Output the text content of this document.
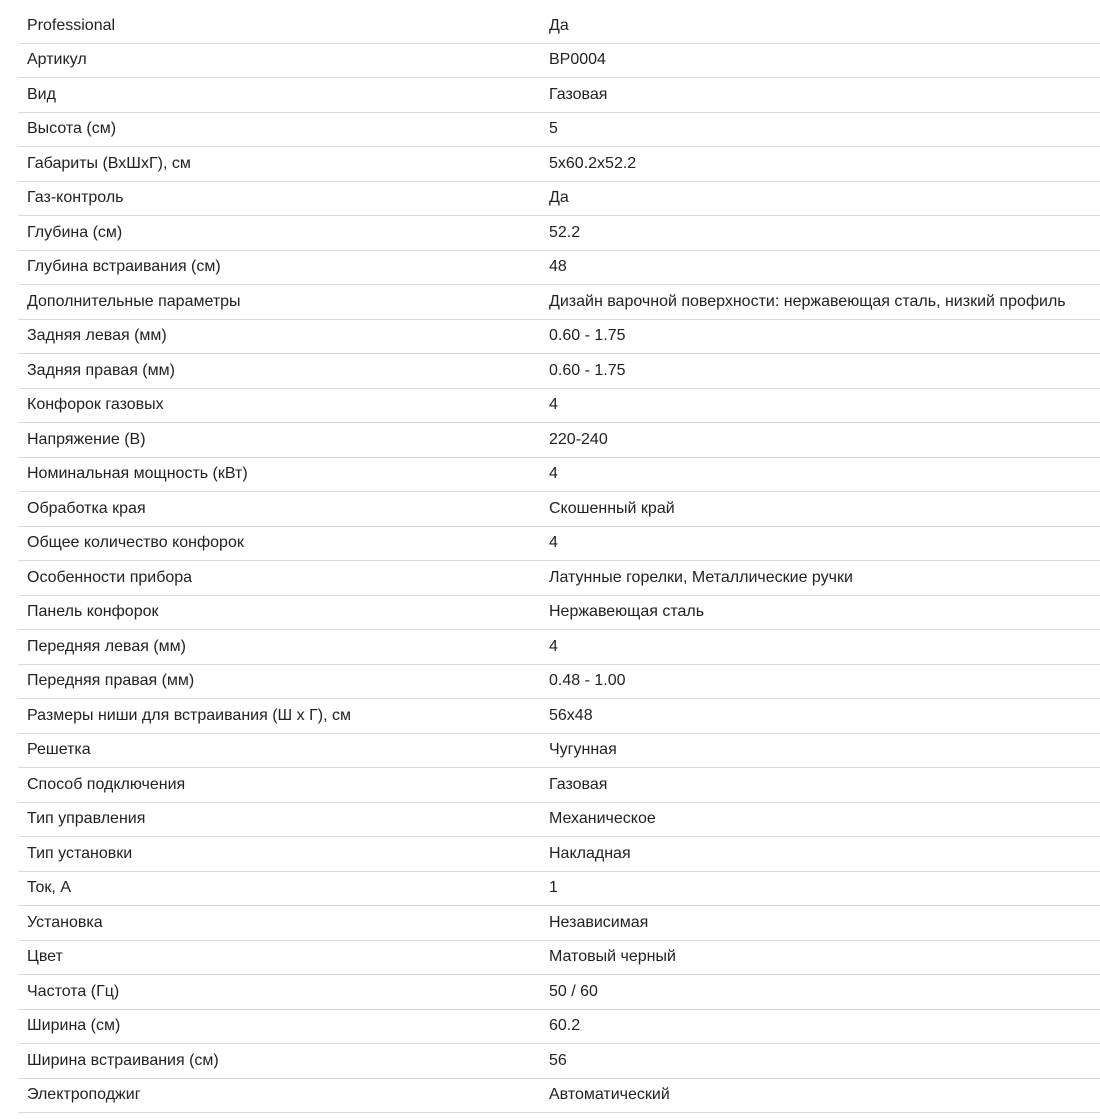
Professional	Да
Артикул	BP0004
Вид	Газовая
Высота (см)	5
Габариты (ВхШхГ), см	5x60.2x52.2
Газ-контроль	Да
Глубина (см)	52.2
Глубина встраивания (см)	48
Дополнительные параметры	Дизайн варочной поверхности: нержавеющая сталь, низкий профиль
Задняя левая (мм)	0.60 - 1.75
Задняя правая (мм)	0.60 - 1.75
Конфорок газовых	4
Напряжение (В)	220-240
Номинальная мощность (кВт)	4
Обработка края	Скошенный край
Общее количество конфорок	4
Особенности прибора	Латунные горелки, Металлические ручки
Панель конфорок	Нержавеющая сталь
Передняя левая (мм)	4
Передняя правая (мм)	0.48 - 1.00
Размеры ниши для встраивания (Ш х Г), см	56x48
Решетка	Чугунная
Способ подключения	Газовая
Тип управления	Механическое
Тип установки	Накладная
Ток, А	1
Установка	Независимая
Цвет	Матовый черный
Частота (Гц)	50 / 60
Ширина (см)	60.2
Ширина встраивания (см)	56
Электроподжиг	Автоматический
